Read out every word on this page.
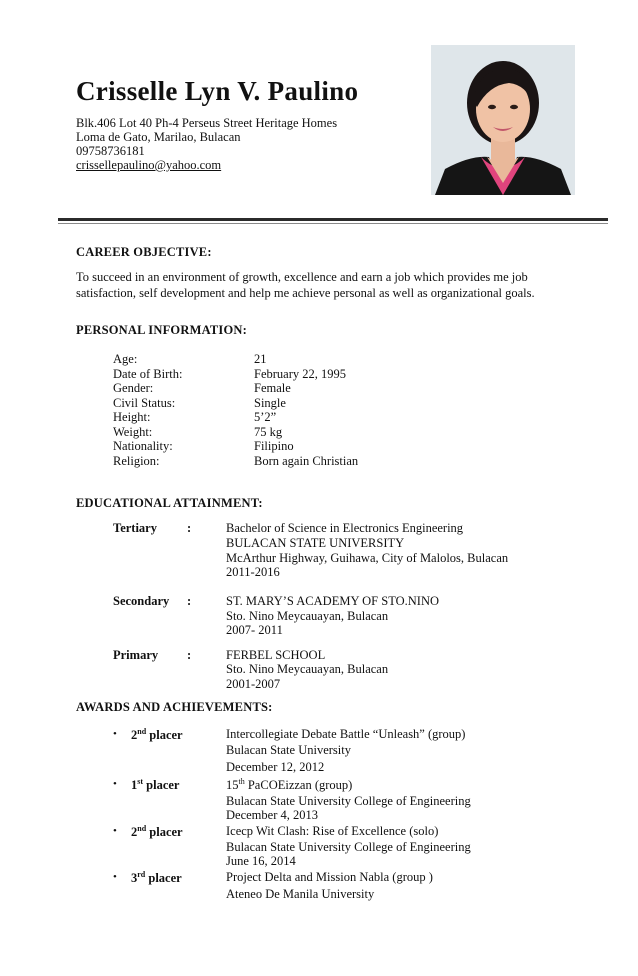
Crisselle Lyn V. Paulino
Blk.406 Lot 40 Ph-4 Perseus Street Heritage Homes
Loma de Gato, Marilao, Bulacan
09758736181
crissellepaulino@yahoo.com
CAREER OBJECTIVE:
To succeed in an environment of growth, excellence and earn a job which provides me job
satisfaction, self development and help me achieve personal as well as organizational goals.
PERSONAL INFORMATION:
Age:	21
Date of Birth:	February 22, 1995
Gender:	Female
Civil Status:	Single
Height:	5’2”
Weight:	75 kg
Nationality:	Filipino
Religion:	Born again Christian
EDUCATIONAL ATTAINMENT:
Tertiary :	Bachelor of Science in Electronics Engineering
BULACAN STATE UNIVERSITY
McArthur Highway, Guihawa, City of Malolos, Bulacan
2011-2016
Secondary :	ST. MARY’S ACADEMY OF STO.NINO
Sto. Nino Meycauayan, Bulacan
2007- 2011
Primary :	FERBEL SCHOOL
Sto. Nino Meycauayan, Bulacan
2001-2007
AWARDS AND ACHIEVEMENTS:
• 2nd placer	Intercollegiate Debate Battle “Unleash” (group)
Bulacan State University
December 12, 2012
• 1st placer	15th PaCOEizzan (group)
Bulacan State University College of Engineering
December 4, 2013
• 2nd placer	Icecp Wit Clash: Rise of Excellence (solo)
Bulacan State University College of Engineering
June 16, 2014
• 3rd placer	Project Delta and Mission Nabla (group )
Ateneo De Manila University
